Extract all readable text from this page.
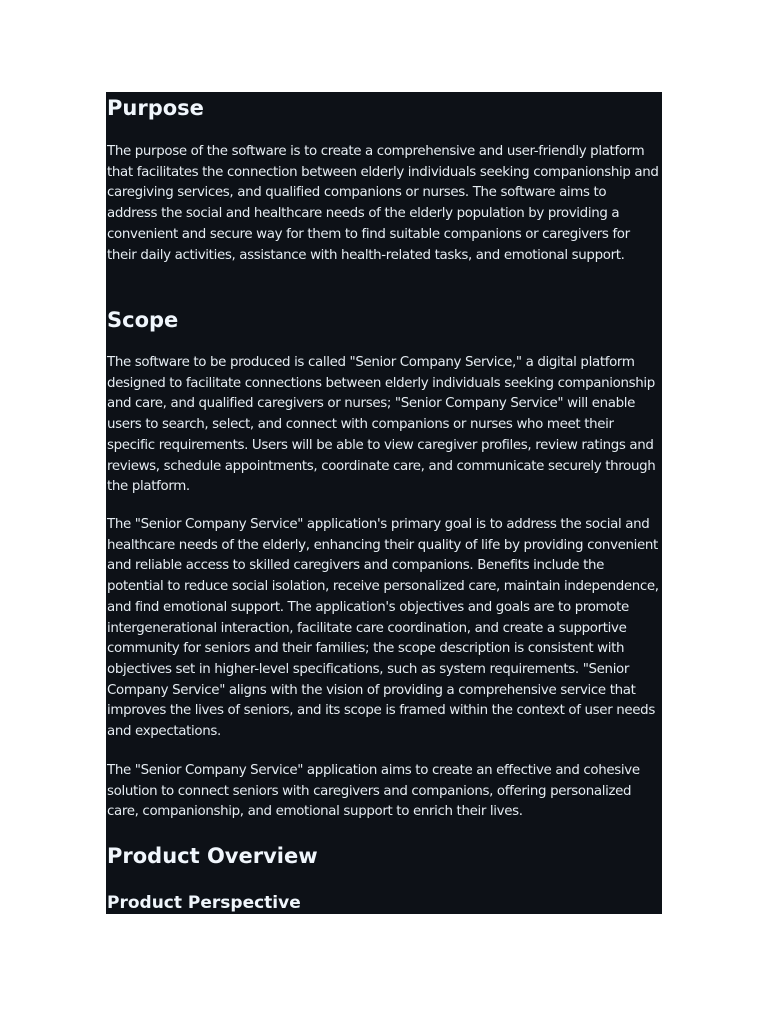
Purpose

The purpose of the software is to create a comprehensive and user-friendly platform that facilitates the connection between elderly individuals seeking companionship and caregiving services, and qualified companions or nurses. The software aims to address the social and healthcare needs of the elderly population by providing a convenient and secure way for them to find suitable companions or caregivers for their daily activities, assistance with health-related tasks, and emotional support.

Scope

The software to be produced is called "Senior Company Service," a digital platform designed to facilitate connections between elderly individuals seeking companionship and care, and qualified caregivers or nurses; "Senior Company Service" will enable users to search, select, and connect with companions or nurses who meet their specific requirements. Users will be able to view caregiver profiles, review ratings and reviews, schedule appointments, coordinate care, and communicate securely through the platform.

The "Senior Company Service" application's primary goal is to address the social and healthcare needs of the elderly, enhancing their quality of life by providing convenient and reliable access to skilled caregivers and companions. Benefits include the potential to reduce social isolation, receive personalized care, maintain independence, and find emotional support. The application's objectives and goals are to promote intergenerational interaction, facilitate care coordination, and create a supportive community for seniors and their families; the scope description is consistent with objectives set in higher-level specifications, such as system requirements. "Senior Company Service" aligns with the vision of providing a comprehensive service that improves the lives of seniors, and its scope is framed within the context of user needs and expectations.

The "Senior Company Service" application aims to create an effective and cohesive solution to connect seniors with caregivers and companions, offering personalized care, companionship, and emotional support to enrich their lives.

Product Overview
Product Perspective
